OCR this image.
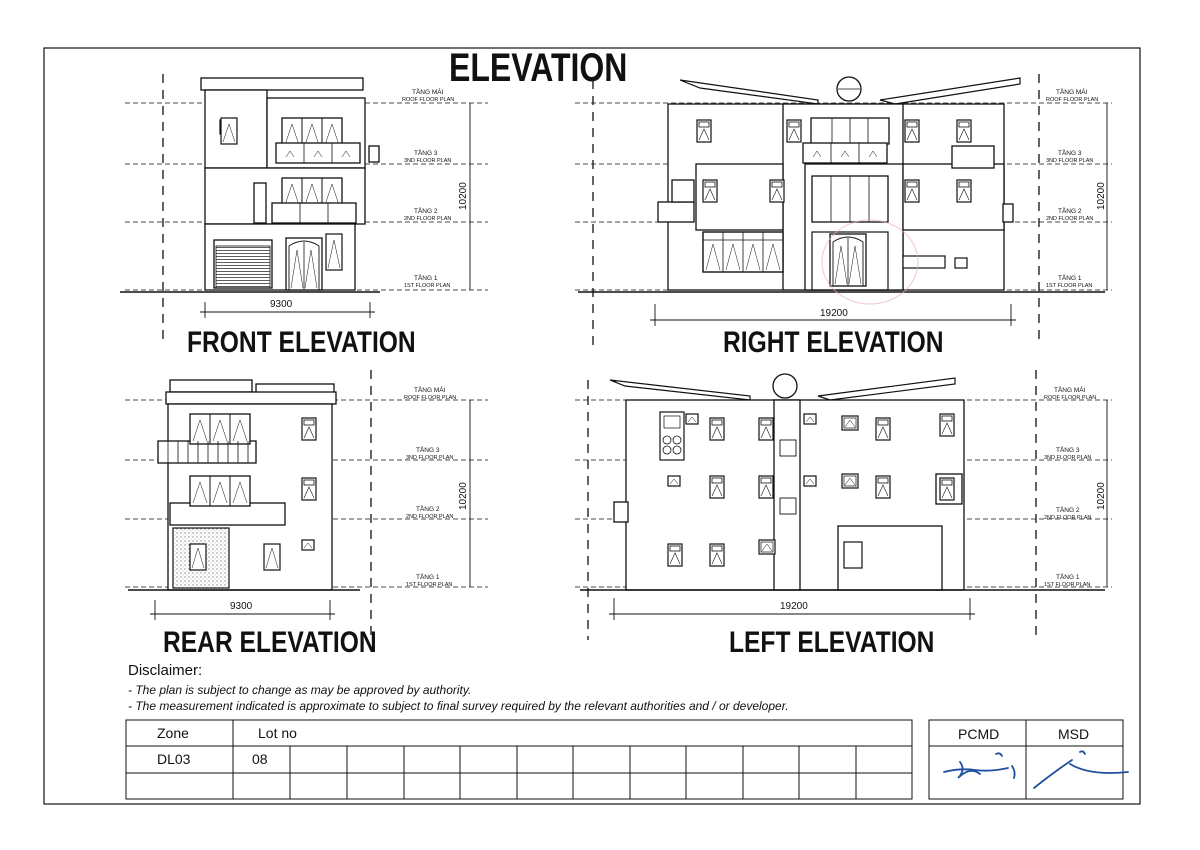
9300
10200
19200
10200
9300
10200
19200
10200
TẦNG MÁI
ROOF FLOOR PLAN
TẦNG 3
3ND FLOOR PLAN
TẦNG 2
2ND FLOOR PLAN
TẦNG 1
1ST FLOOR PLAN
TẦNG MÁI
ROOF FLOOR PLAN
TẦNG 3
3ND FLOOR PLAN
TẦNG 2
2ND FLOOR PLAN
TẦNG 1
1ST FLOOR PLAN
TẦNG MÁI
ROOF FLOOR PLAN
TẦNG 3
3ND FLOOR PLAN
TẦNG 2
2ND FLOOR PLAN
TẦNG 1
1ST FLOOR PLAN
TẦNG MÁI
ROOF FLOOR PLAN
TẦNG 3
3ND FLOOR PLAN
TẦNG 2
2ND FLOOR PLAN
TẦNG 1
1ST FLOOR PLAN
ELEVATION
FRONT ELEVATION	RIGHT ELEVATION
REAR ELEVATION	LEFT ELEVATION
Disclaimer:
- The plan is subject to change as may be approved by authority.
- The measurement indicated is approximate to subject to final survey required by the relevant authorities and / or developer.
Zone	Lot no
DL03	08
PCMD	MSD
